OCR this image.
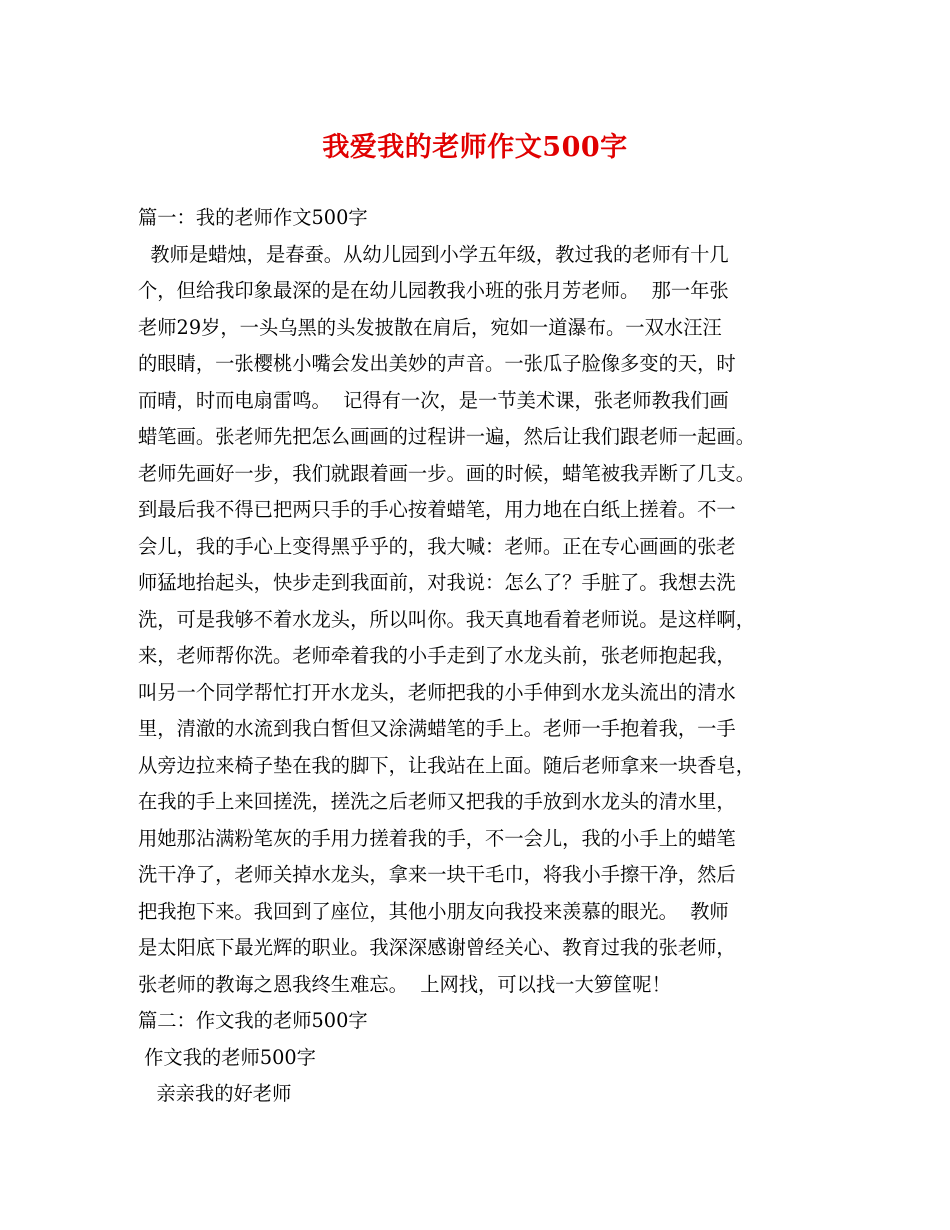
我爱我的老师作文500字
篇一：我的老师作文500字
教师是蜡烛，是春蚕。从幼儿园到小学五年级，教过我的老师有十几
个，但给我印象最深的是在幼儿园教我小班的张月芳老师。  那一年张
老师29岁，一头乌黑的头发披散在肩后，宛如一道瀑布。一双水汪汪
的眼睛，一张樱桃小嘴会发出美妙的声音。一张瓜子脸像多变的天，时
而晴，时而电扇雷鸣。  记得有一次，是一节美术课，张老师教我们画
蜡笔画。张老师先把怎么画画的过程讲一遍，然后让我们跟老师一起画。
老师先画好一步，我们就跟着画一步。画的时候，蜡笔被我弄断了几支。
到最后我不得已把两只手的手心按着蜡笔，用力地在白纸上搓着。不一
会儿，我的手心上变得黑乎乎的，我大喊：老师。正在专心画画的张老
师猛地抬起头，快步走到我面前，对我说：怎么了？手脏了。我想去洗
洗，可是我够不着水龙头，所以叫你。我天真地看着老师说。是这样啊，
来，老师帮你洗。老师牵着我的小手走到了水龙头前，张老师抱起我，
叫另一个同学帮忙打开水龙头，老师把我的小手伸到水龙头流出的清水
里，清澈的水流到我白皙但又涂满蜡笔的手上。老师一手抱着我，一手
从旁边拉来椅子垫在我的脚下，让我站在上面。随后老师拿来一块香皂，
在我的手上来回搓洗，搓洗之后老师又把我的手放到水龙头的清水里，
用她那沾满粉笔灰的手用力搓着我的手，不一会儿，我的小手上的蜡笔
洗干净了，老师关掉水龙头，拿来一块干毛巾，将我小手擦干净，然后
把我抱下来。我回到了座位，其他小朋友向我投来羡慕的眼光。  教师
是太阳底下最光辉的职业。我深深感谢曾经关心、教育过我的张老师，
张老师的教诲之恩我终生难忘。  上网找，可以找一大箩筐呢！
篇二：作文我的老师500字
作文我的老师500字
亲亲我的好老师
